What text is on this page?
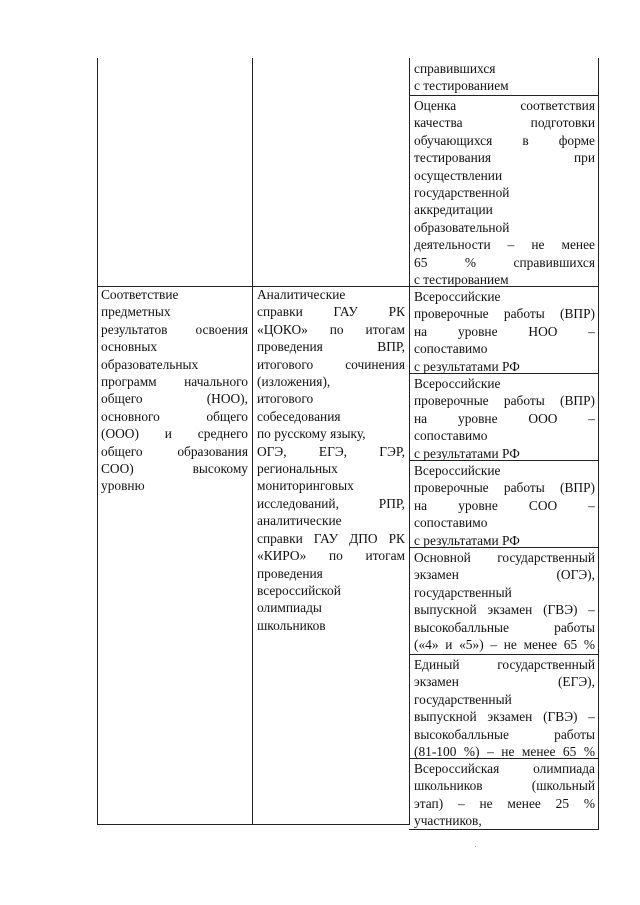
Соответствие
предметных
результатов освоения
основных
образовательных
программ начального
общего (НОО),
основного общего
(ООО) и среднего
общего образования
СОО) высокому
уровню
Аналитические
справки ГАУ РК
«ЦОКО» по итогам
проведения ВПР,
итогового сочинения
(изложения),
итогового
собеседования
по русскому языку,
ОГЭ, ЕГЭ, ГЭР,
региональных
мониторинговых
исследований, РПР,
аналитические
справки ГАУ ДПО РК
«КИРО» по итогам
проведения
всероссийской
олимпиады
школьников
справившихся
с тестированием
Оценка соответствия
качества подготовки
обучающихся в форме
тестирования при
осуществлении
государственной
аккредитации
образовательной
деятельности – не менее
65 % справившихся
с тестированием
Всероссийские
проверочные работы (ВПР)
на уровне НОО –
сопоставимо
с результатами РФ
Всероссийские
проверочные работы (ВПР)
на уровне ООО –
сопоставимо
с результатами РФ
Всероссийские
проверочные работы (ВПР)
на уровне СОО –
сопоставимо
с результатами РФ
Основной государственный
экзамен (ОГЭ),
государственный
выпускной экзамен (ГВЭ) –
высокобалльные работы
(«4» и «5») – не менее 65 %
Единый государственный
экзамен (ЕГЭ),
государственный
выпускной экзамен (ГВЭ) –
высокобалльные работы
(81-100 %) – не менее 65 %
Всероссийская олимпиада
школьников (школьный
этап) – не менее 25 %
участников,
